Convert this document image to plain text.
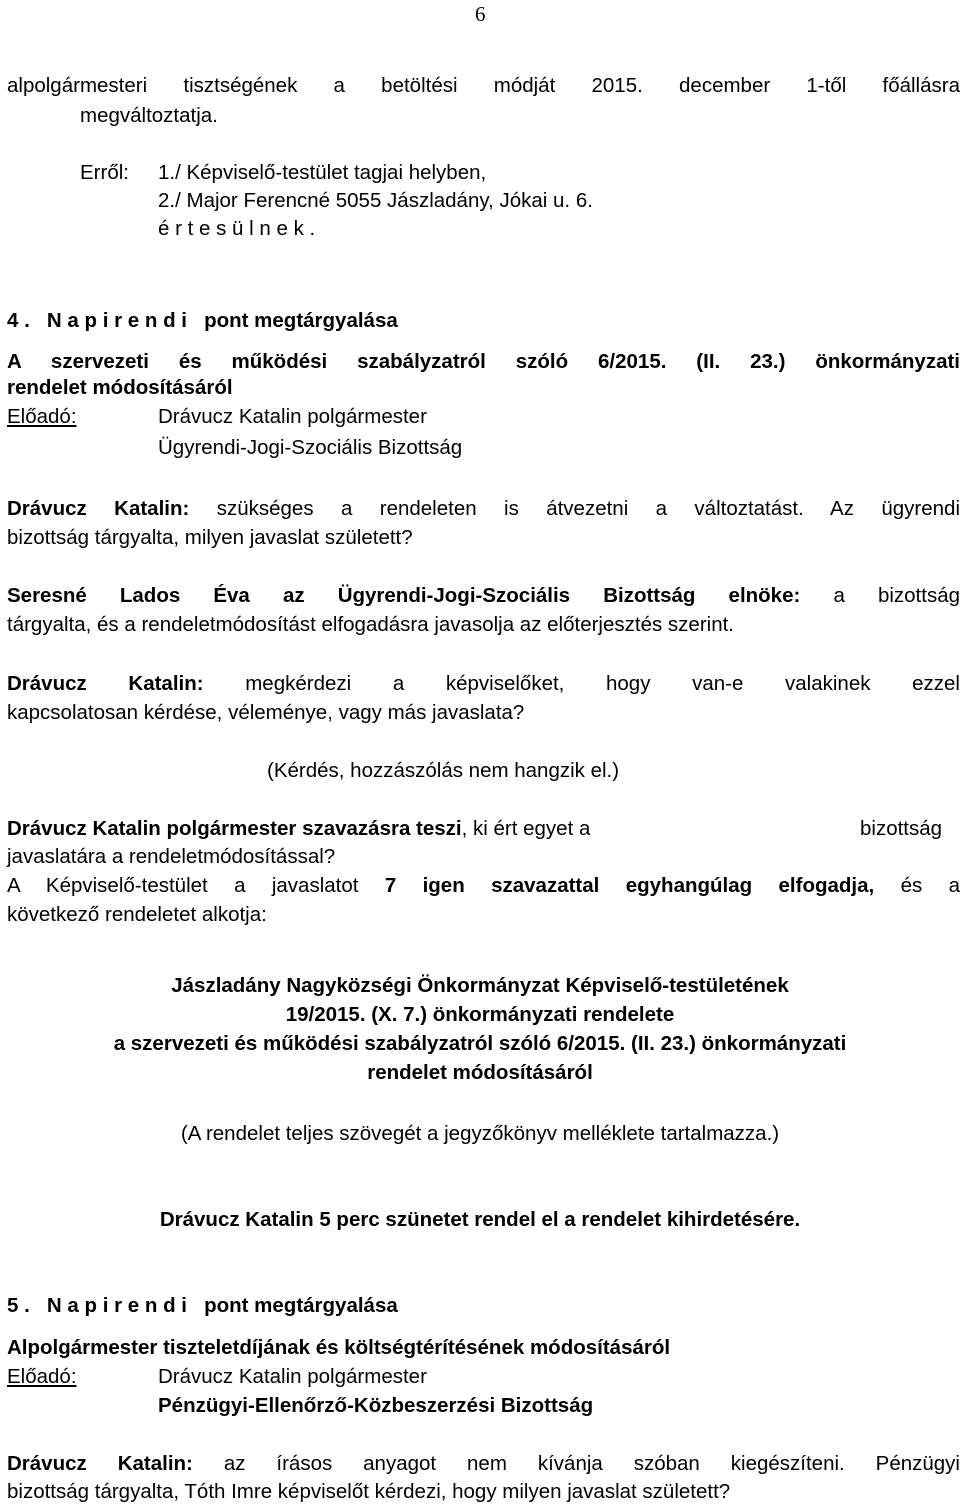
6
alpolgármesteri tisztségének a betöltési módját 2015. december 1-től főállásra
megváltoztatja.
Erről: 1./ Képviselő-testület tagjai helyben,
2./ Major Ferencné 5055 Jászladány, Jókai u. 6.
é r t e s ü l n e k .
4 . N a p i r e n d i pont megtárgyalása
A szervezeti és működési szabályzatról szóló 6/2015. (II. 23.) önkormányzati
rendelet módosításáról
Előadó:	Drávucz Katalin polgármester
Ügyrendi-Jogi-Szociális Bizottság
Drávucz Katalin: szükséges a rendeleten is átvezetni a változtatást. Az ügyrendi
bizottság tárgyalta, milyen javaslat született?
Seresné Lados Éva az Ügyrendi-Jogi-Szociális Bizottság elnöke: a bizottság
tárgyalta, és a rendeletmódosítást elfogadásra javasolja az előterjesztés szerint.
Drávucz Katalin: megkérdezi a képviselőket, hogy van-e valakinek ezzel
kapcsolatosan kérdése, véleménye, vagy más javaslata?
(Kérdés, hozzászólás nem hangzik el.)
Drávucz Katalin polgármester szavazásra teszi, ki ért egyet a	bizottság
javaslatára a rendeletmódosítással?
A Képviselő-testület a javaslatot 7 igen szavazattal egyhangúlag elfogadja, és a
következő rendeletet alkotja:
Jászladány Nagyközségi Önkormányzat Képviselő-testületének
19/2015. (X. 7.) önkormányzati rendelete
a szervezeti és működési szabályzatról szóló 6/2015. (II. 23.) önkormányzati
rendelet módosításáról
(A rendelet teljes szövegét a jegyzőkönyv melléklete tartalmazza.)
Drávucz Katalin 5 perc szünetet rendel el a rendelet kihirdetésére.
5 . N a p i r e n d i pont megtárgyalása
Alpolgármester tiszteletdíjának és költségtérítésének módosításáról
Előadó:	Drávucz Katalin polgármester
Pénzügyi-Ellenőrző-Közbeszerzési Bizottság
Drávucz Katalin: az írásos anyagot nem kívánja szóban kiegészíteni. Pénzügyi
bizottság tárgyalta, Tóth Imre képviselőt kérdezi, hogy milyen javaslat született?
